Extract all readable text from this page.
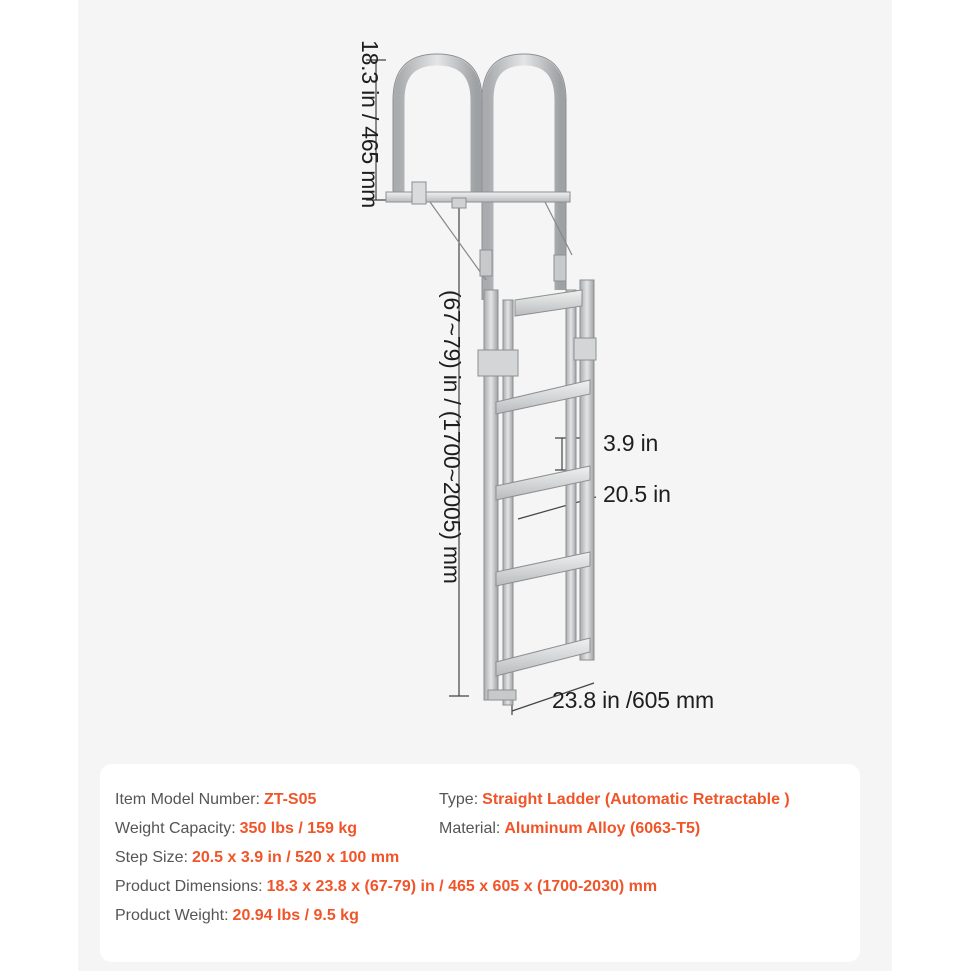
18.3 in / 465 mm
(67~79) in / (1700~2005) mm	3.9 in
20.5 in
23.8 in /605 mm
Item Model Number: ZT-S05	Type: Straight Ladder (Automatic Retractable )
Weight Capacity: 350 lbs / 159 kg	Material: Aluminum Alloy (6063-T5)
Step Size: 20.5 x 3.9 in / 520 x 100 mm
Product Dimensions: 18.3 x 23.8 x (67-79) in / 465 x 605 x (1700-2030) mm
Product Weight: 20.94 lbs / 9.5 kg
